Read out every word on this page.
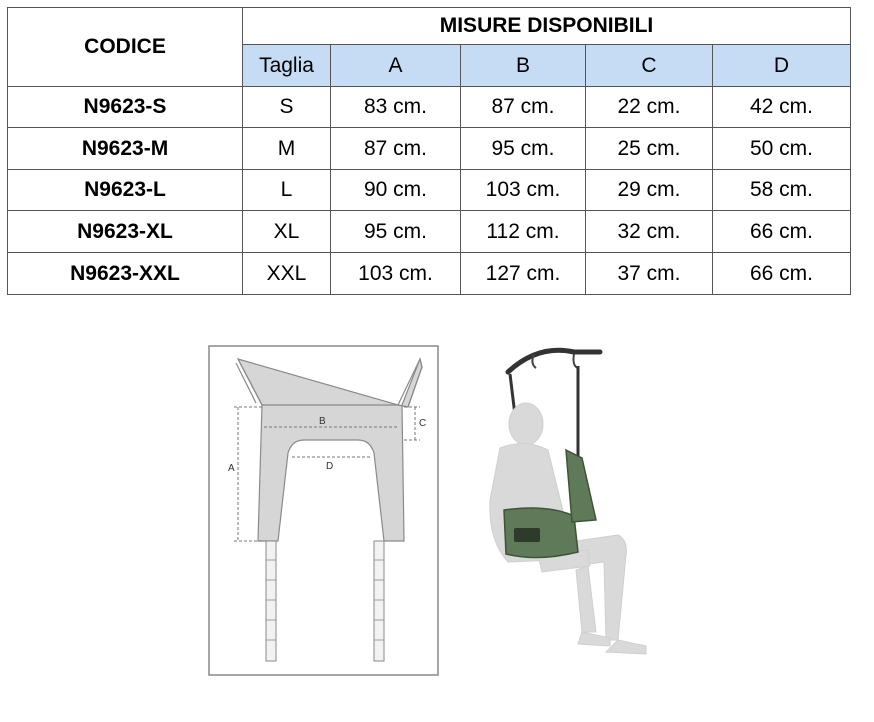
CODICE	MISURE DISPONIBILI				
	Taglia	A	B	C	D
N9623-S	S	83 cm.	87 cm.	22 cm.	42 cm.
N9623-M	M	87 cm.	95 cm.	25 cm.	50 cm.
N9623-L	L	90 cm.	103 cm.	29 cm.	58 cm.
N9623-XL	XL	95 cm.	112 cm.	32 cm.	66 cm.
N9623-XXL	XXL	103 cm.	127 cm.	37 cm.	66 cm.
A
B	C
D
